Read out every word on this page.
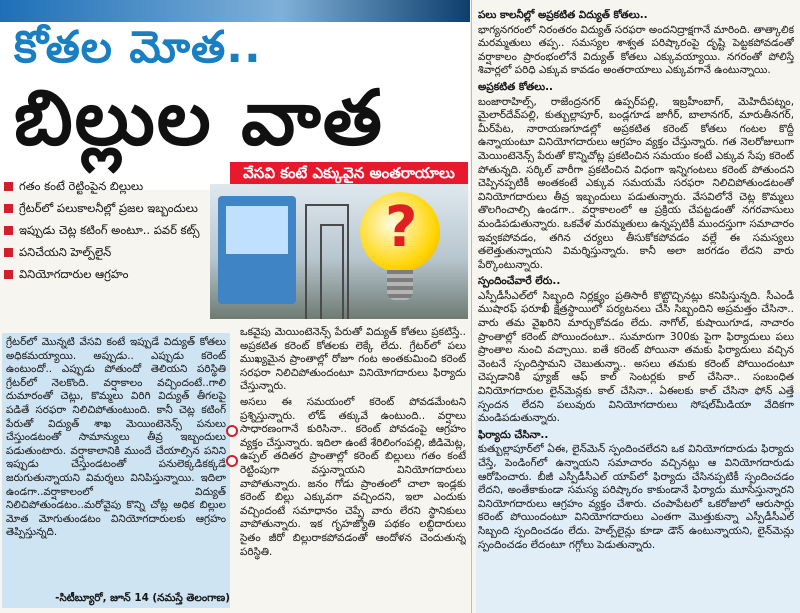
కోతల మోత..
బిల్లుల వాత
వేసవి కంటే ఎక్కువైన అంతరాయాలు
గతం కంటే రెట్టింపైన బిల్లులు
గ్రేటర్‌లో పలుకాలనీల్లో ప్రజల ఇబ్బందులు
ఇప్పుడు చెట్ల కటింగ్ అంటూ.. పవర్ కట్స్
పనిచేయని హెల్ప్‌లైన్
వినియోగదారుల ఆగ్రహం
?

గ్రేటర్‌లో మొన్నటి వేసవి కంటే ఇప్పుడే విద్యుత్ కోతలు అధికమయ్యాయి. అప్పుడు.. ఎప్పుడు కరెంట్ ఉంటుందో.. ఎప్పుడు పోతుందో తెలియని పరిస్థితి గ్రేటర్‌లో నెలకొంది. వర్షాకాలం వచ్చిందంటే..గాలి దుమారంతో చెట్లు, కొమ్మలు విరిగి విద్యుత్ తీగలపై పడితే సరఫరా నిలిచిపోతుంటుంది. కానీ చెట్ల కటింగ్ పేరుతో విద్యుత్ శాఖ మెయింటెనెన్స్ పనులు చేస్తుండటంతో సామాన్యులు తీవ్ర ఇబ్బందులు పడుతుంటారు. వర్షాకాలానికి ముందే చేయాల్సిన పనిని ఇప్పుడు చేస్తుండటంతో పనులెక్కడికక్కడే జరుగుతున్నాయని విమర్శలు వినిపిస్తున్నాయి. ఇదిలా ఉండగా..వర్షాకాలంలో విద్యుత్ నిలిచిపోతుండటం..మరోవైపు కొన్ని చోట్ల అధిక బిల్లుల మోత మోగుతుండటం వినియోగదారులకు ఆగ్రహం తెప్పిస్తున్నది.

-సిటీబ్యూరో, జూన్ 14 (నమస్తే తెలంగాణ)

ఒకవైపు మెయింటెనెన్స్ పేరుతో విద్యుత్ కోతలు ప్రకటిస్తే.. అప్రకటిత కరెంట్ కోతలకు లెక్కే లేదు. గ్రేటర్‌లో పలు ముఖ్యమైన ప్రాంతాల్లో రోజూ గంట అంతకుమించి కరెంట్ సరఫరా నిలిచిపోతుందంటూ వినియోగదారులు ఫిర్యాదు చేస్తున్నారు.

అసలు ఈ సమయంలో కరెంట్ పోవడమేంటని ప్రశ్నిస్తున్నారు. లోడ్ తక్కువే ఉంటుంది.. వర్షాలు సాధారణంగానే కురిసినా.. కరెంట్ పోవడంపై ఆగ్రహం వ్యక్తం చేస్తున్నారు. ఇదిలా ఉంటే శేరిలింగంపల్లి, జీడిమెట్ల, ఉప్పల్ తదితర ప్రాంతాల్లో కరెంట్ బిల్లులు గతం కంటే రెట్టింపుగా వస్తున్నాయని వినియోగదారులు వాపోతున్నారు. జనం గోడు ప్రాంతంలో చాలా ఇండ్లకు కరెంట్ బిల్లు ఎక్కువగా వచ్చిందని, ఇలా ఎందుకు వచ్చిందంటే సమాధానం చెప్పే వారు లేరని స్థానికులు వాపోతున్నారు. ఇక గృహజ్యోతి పథకం లబ్ధిదారులు సైతం జీరో బిల్లురాకపోవడంతో ఆందోళన చెందుతున్న పరిస్థితి.

పలు కాలనీల్లో అప్రకటిత విద్యుత్ కోతలు..

భాగ్యనగరంలో నిరంతరం విద్యుత్ సరఫరా అందనిద్రాక్షగానే మారింది. తాత్కాలిక మరమ్మతులు తప్ప.. సమస్యల శాశ్వత పరిష్కారంపై దృష్టి పెట్టకపోవడంతో వర్షాకాలం ప్రారంభంలోనే విద్యుత్ కోతలు ఎక్కువయ్యాయి. నగరంతో పోలిస్తే శివార్లలో పరిధి ఎక్కువ కావడం అంతరాయాలు ఎక్కువగానే ఉంటున్నాయి.

అప్రకటిత కోతలు..

బంజారాహిల్స్, రాజేంద్రనగర్ ఉప్పర్‌పల్లి, ఇబ్రహీంబాగ్, మెహిదీపట్నం, మైలార్‌దేవ్‌పల్లి, కుత్బుల్లాపూర్, బండ్లగూడ జాగీర్, బాలానగర్, మారుతీనగర్, మీర్‌పేట, నారాయణగూడల్లో అప్రకటిత కరెంట్ కోతలు గంటల కొద్దీ ఉన్నాయంటూ వినియోగదారులు ఆగ్రహం వ్యక్తం చేస్తున్నారు. గత నెలరోజులుగా మెయింటెనెన్స్ పేరుతో కొన్నిచోట్ల ప్రకటించిన సమయం కంటే ఎక్కువ సేపు కరెంట్ పోతున్నది. సర్కిల్ వారీగా ప్రకటించిన విధంగా ఇన్నిగంటలు కరెంట్ పోతుందని చెప్పినప్పటికీ అంతకంటే ఎక్కువ సమయమే సరఫరా నిలిచిపోతుండటంతో వినియోగదారులు తీవ్ర ఇబ్బందులు పడుతున్నారు. వేసవిలోనే చెట్ల కొమ్మలు తొలగించాల్సి ఉండగా.. వర్షాకాలంలో ఆ ప్రక్రియ చేపట్టడంతో నగరవాసులు మండిపడుతున్నారు. ఒకవేళ మరమ్మతులు ఉన్నప్పటికీ ముందస్తుగా సమాచారం ఇవ్వకపోవడం, తగిన చర్యలు తీసుకోకపోవడం వల్లే ఈ సమస్యలు తలెత్తుతున్నాయని విమర్శిస్తున్నారు. కానీ అలా జరగడం లేదని వారు పేర్కొంటున్నారు.

స్పందించేవారే లేరు..

ఎస్పీడీసీఎల్‌లో సిబ్బంది నిర్లక్ష్యం ప్రతిసారీ కొట్టొచ్చినట్లు కనిపిస్తున్నది. సీఎండీ ముషారఫ్ ఫరూఖీ క్షేత్రస్థాయిలో పర్యటనలు చేసి సిబ్బందిని అప్రమత్తం చేసినా.. వారు తమ వైఖరిని మార్చుకోవడం లేదు. నాగోల్, కుషాయిగూడ, నాచారం ప్రాంతాల్లో కరెంట్ పోయిందంటూ.. సుమారుగా 300కు పైగా ఫిర్యాదులు పలు ప్రాంతాల నుంచి వచ్చాయి. ఐతే కరెంట్ పోయినా తమకు ఫిర్యాదులు వచ్చిన వెంటనే స్పందిస్తామని చెబుతున్నా.. అసలు తమకు కరెంట్ పోయిందంటూ చెప్పడానికి ఫ్యూజ్ ఆఫ్ కాల్ సెంటర్లకు కాల్ చేసినా.. సంబంధిత వినియోగదారుల లైన్‌మెన్లకు కాల్ చేసినా.. ఏఈలకు కాల్ చేసినా ఫోన్ ఎత్తే స్పందన లేదని పలువురు వినియోగదారులు సోషల్‌మీడియా వేదికగా మండిపడుతున్నారు.

ఫిర్యాదు చేసినా..

కుత్బుల్లాపూర్‌లో ఏఈ, లైన్‌మెన్ స్పందించలేదని ఒక వినియోగదారుడు ఫిర్యాదు చేస్తే, పెండింగ్‌లో ఉన్నాయని సమాచారం వచ్చినట్లు ఆ వినియోగదారుడు ఆరోపించారు. బీజీ ఎస్పీడీసీఎల్ యాప్‌లో ఫిర్యాదు చేసినప్పటికీ స్పందించడం లేదని, అంతేకాకుండా సమస్య పరిష్కారం కాకుండానే ఫిర్యాదు మూసేస్తున్నారని వినియోగదారులు ఆగ్రహం వ్యక్తం చేశారు. చంపాపేటలో ఒకరోజులో ఆరుసార్లు కరెంట్ పోయిందంటూ వినియోగదారులు ఎంతగా మొత్తుకున్నా ఎస్పీడీసీఎల్ సిబ్బంది స్పందించడం లేదు. హెల్ప్‌లైన్లు కూడా డౌన్ ఉంటున్నాయని, లైన్‌మెన్లు స్పందించడం లేదంటూ గగ్గోలు పెడుతున్నారు.
